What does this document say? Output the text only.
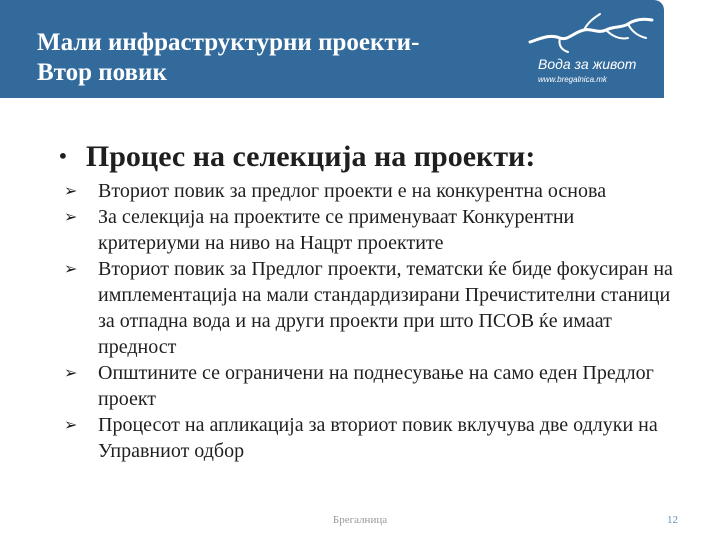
Мали инфраструктурни проекти-
Втор повик	Вода за живот
www.bregalnica.mk
• Процес на селекција на проекти:
➢ Вториот повик за предлог проекти е на конкурентна основа
➢ За селекција на проектите се применуваат Конкурентни критериуми на ниво на Нацрт проектите
➢ Вториот повик за Предлог проекти, тематски ќе биде фокусиран на имплементација на мали стандардизирани Пречистителни станици за отпадна вода и на други проекти при што ПСОВ ќе имаат предност
➢ Општините се ограничени на поднесување на само еден Предлог проект
➢ Процесот на апликација за вториот повик вклучува две одлуки на Управниот одбор
Брегалница	12
